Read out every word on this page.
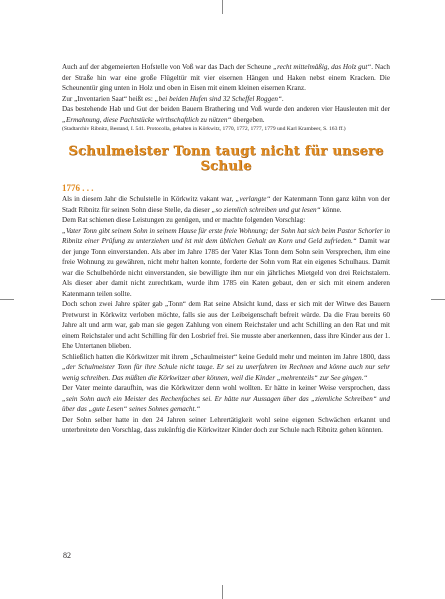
Auch auf der abgemeierten Hofstelle von Voß war das Dach der Scheune „recht mittelmäßig, das Holz gut“. Nach der Straße hin war eine große Flügeltür mit vier eisernen Hängen und Haken nebst einem Kracken. Die Scheunentür ging unten in Holz und oben in Eisen mit einem kleinen eisernen Kranz.

Zur „Inventarien Saat“ heißt es: „bei beiden Hufen sind 32 Scheffel Roggen“.

Das bestehende Hab und Gut der beiden Bauern Brathering und Voß wurde den anderen vier Hausleuten mit der „Ermahnung, diese Pachtstücke wirthschaftlich zu nützen“ übergeben.

(Stadtarchiv Ribnitz, Bestand, I. 541. Protocolla, gehalten in Körkwitz, 1770, 1772, 1777, 1779 und Karl Krambeer, S. 163 ff.)

Schulmeister Tonn taugt nicht für unsere Schule
1776 . . .

Als in diesem Jahr die Schulstelle in Körkwitz vakant war, „verlangte“ der Katenmann Tonn ganz kühn von der Stadt Ribnitz für seinen Sohn diese Stelle, da dieser „so ziemlich schreiben und gut lesen“ könne.

Dem Rat schienen diese Leistungen zu genügen, und er machte folgenden Vorschlag:

„Vater Tonn gibt seinem Sohn in seinem Hause für erste freie Wohnung; der Sohn hat sich beim Pastor Schorler in Ribnitz einer Prüfung zu unterziehen und ist mit dem üblichen Gehalt an Korn und Geld zufrieden.“ Damit war der junge Tonn einverstanden. Als aber im Jahre 1785 der Vater Klas Tonn dem Sohn sein Versprechen, ihm eine freie Wohnung zu gewähren, nicht mehr halten konnte, forderte der Sohn vom Rat ein eigenes Schulhaus. Damit war die Schulbehörde nicht einverstanden, sie bewilligte ihm nur ein jährliches Mietgeld von drei Reichstalern. Als dieser aber damit nicht zurechtkam, wurde ihm 1785 ein Katen gebaut, den er sich mit einem anderen Katenmann teilen sollte.

Doch schon zwei Jahre später gab „Tonn“ dem Rat seine Absicht kund, dass er sich mit der Witwe des Bauern Pretwurst in Körkwitz verloben möchte, falls sie aus der Leibeigenschaft befreit würde. Da die Frau bereits 60 Jahre alt und arm war, gab man sie gegen Zahlung von einem Reichstaler und acht Schilling an den Rat und mit einem Reichstaler und acht Schilling für den Losbrief frei. Sie musste aber anerkennen, dass ihre Kinder aus der 1. Ehe Untertanen blieben.

Schließlich hatten die Körkwitzer mit ihrem „Schaulmeister“ keine Geduld mehr und meinten im Jahre 1800, dass „der Schulmeister Tonn für ihre Schule nicht tauge. Er sei zu unerfahren im Rechnen und könne auch nur sehr wenig schreiben. Das müßten die Körkwitzer aber können, weil die Kinder „mehrenteils“ zur See gingen.“

Der Vater meinte daraufhin, was die Körkwitzer denn wohl wollten. Er hätte in keiner Weise versprochen, dass „sein Sohn auch ein Meister des Rechenfaches sei. Er hätte nur Aussagen über das „ziemliche Schreiben“ und über das „gute Lesen“ seines Sohnes gemacht.“

Der Sohn selber hatte in den 24 Jahren seiner Lehrertätigkeit wohl seine eigenen Schwächen erkannt und unterbreitete den Vorschlag, dass zukünftig die Körkwitzer Kinder doch zur Schule nach Ribnitz gehen könnten.

82
